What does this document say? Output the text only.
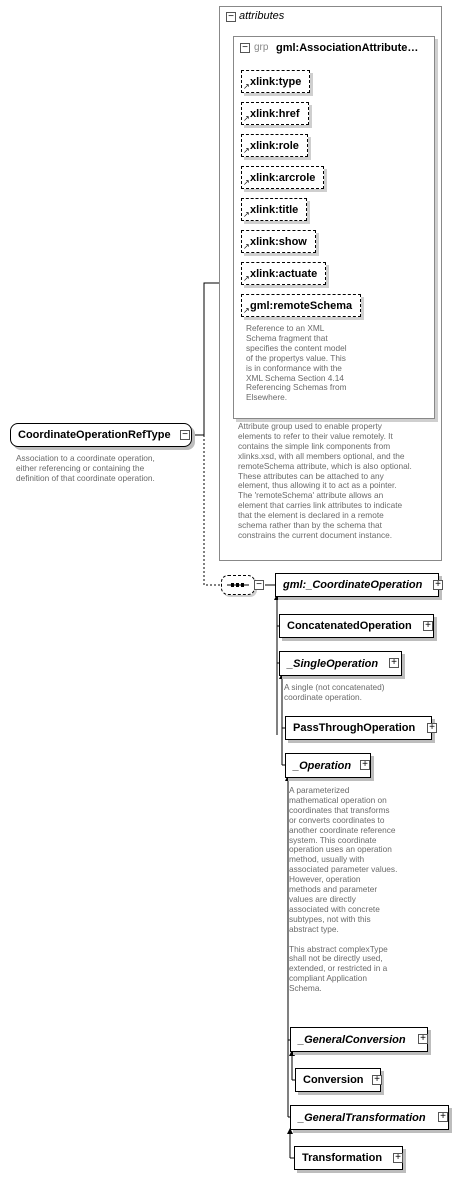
− attributes
− grp gml:AssociationAttribute…
↗ xlink:type
↗ xlink:href
↗ xlink:role
↗ xlink:arcrole
↗ xlink:title
↗ xlink:show
↗ xlink:actuate
↗ gml:remoteSchema
Reference to an XML
Schema fragment that
specifies the content model
of the propertys value. This
is in conformance with the
XML Schema Section 4.14
Referencing Schemas from
Elsewhere.
Attribute group used to enable property
elements to refer to their value remotely. It
contains the simple link components from
xlinks.xsd, with all members optional, and the
remoteSchema attribute, which is also optional.
These attributes can be attached to any
element, thus allowing it to act as a pointer.
The 'remoteSchema' attribute allows an
element that carries link attributes to indicate
that the element is declared in a remote
schema rather than by the schema that
constrains the current document instance.
CoordinateOperationRefType −
Association to a coordinate operation,
either referencing or containing the
definition of that coordinate operation.
− gml:_CoordinateOperation +
ConcatenatedOperation +
_SingleOperation +
A single (not concatenated)
coordinate operation.
PassThroughOperation +
_Operation +
A parameterized
mathematical operation on
coordinates that transforms
or converts coordinates to
another coordinate reference
system. This coordinate
operation uses an operation
method, usually with
associated parameter values.
However, operation
methods and parameter
values are directly
associated with concrete
subtypes, not with this
abstract type.

This abstract complexType
shall not be directly used,
extended, or restricted in a
compliant Application
Schema.
_GeneralConversion +
Conversion +
_GeneralTransformation +
Transformation +
